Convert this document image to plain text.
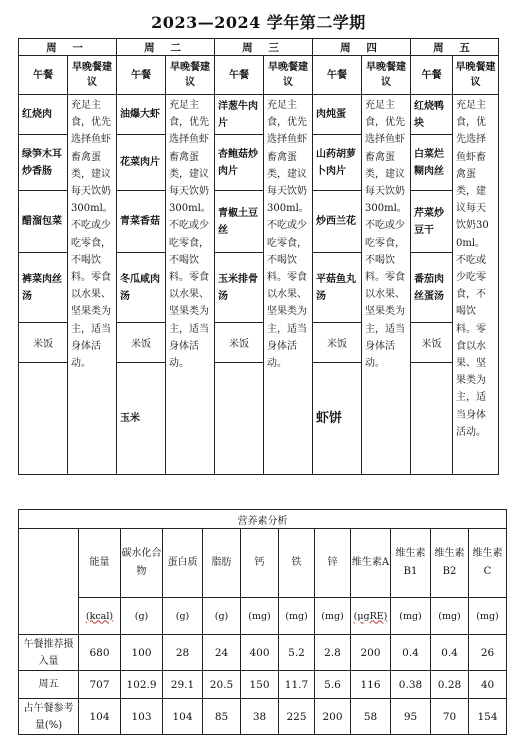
2023—2024 学年第二学期
周 一		周 二		周 三		周 四		周 五	
午餐	早晚餐建议	午餐	早晚餐建议	午餐	早晚餐建议	午餐	早晚餐建议	午餐	早晚餐建议
红烧肉	充足主食，优先选择鱼虾畜禽蛋类，建议每天饮奶300ml。不吃或少吃零食，不喝饮料。零食以水果、坚果类为主，适当身体活动。	油爆大虾	充足主食，优先选择鱼虾畜禽蛋类，建议每天饮奶300ml。不吃或少吃零食，不喝饮料。零食以水果、坚果类为主，适当身体活动。	洋葱牛肉片	充足主食，优先选择鱼虾畜禽蛋类，建议每天饮奶300ml。不吃或少吃零食，不喝饮料。零食以水果、坚果类为主，适当身体活动。	肉炖蛋	充足主食，优先选择鱼虾畜禽蛋类，建议每天饮奶300ml。不吃或少吃零食，不喝饮料。零食以水果、坚果类为主，适当身体活动。	红烧鸭块	充足主食，优先选择鱼虾畜禽蛋类，建议每天饮奶300ml。不吃或少吃零食，不喝饮料。零食以水果、坚果类为主，适当身体活动。
绿笋木耳炒香肠		花菜肉片		杏鲍菇炒肉片		山药胡萝卜肉片		白菜烂糊肉丝	
醋溜包菜		青菜香菇		青椒土豆丝		炒西兰花		芹菜炒豆干	
裤菜肉丝汤		冬瓜咸肉汤		玉米排骨汤		平菇鱼丸汤		番茄肉丝蛋汤	
米饭		米饭		米饭		米饭		米饭	
		玉米				虾饼			
营养素分析											
	能量	碳水化合物	蛋白质	脂肪	钙	铁	锌	维生素A	维生素B1	维生素B2	维生素C
	(kcal)	(g)	(g)	(g)	(mg)	(mg)	(mg)	(μgRE)	(mg)	(mg)	(mg)
午餐推荐摄入量	680	100	28	24	400	5.2	2.8	200	0.4	0.4	26
周五	707	102.9	29.1	20.5	150	11.7	5.6	116	0.38	0.28	40
占午餐参考量(%)	104	103	104	85	38	225	200	58	95	70	154
